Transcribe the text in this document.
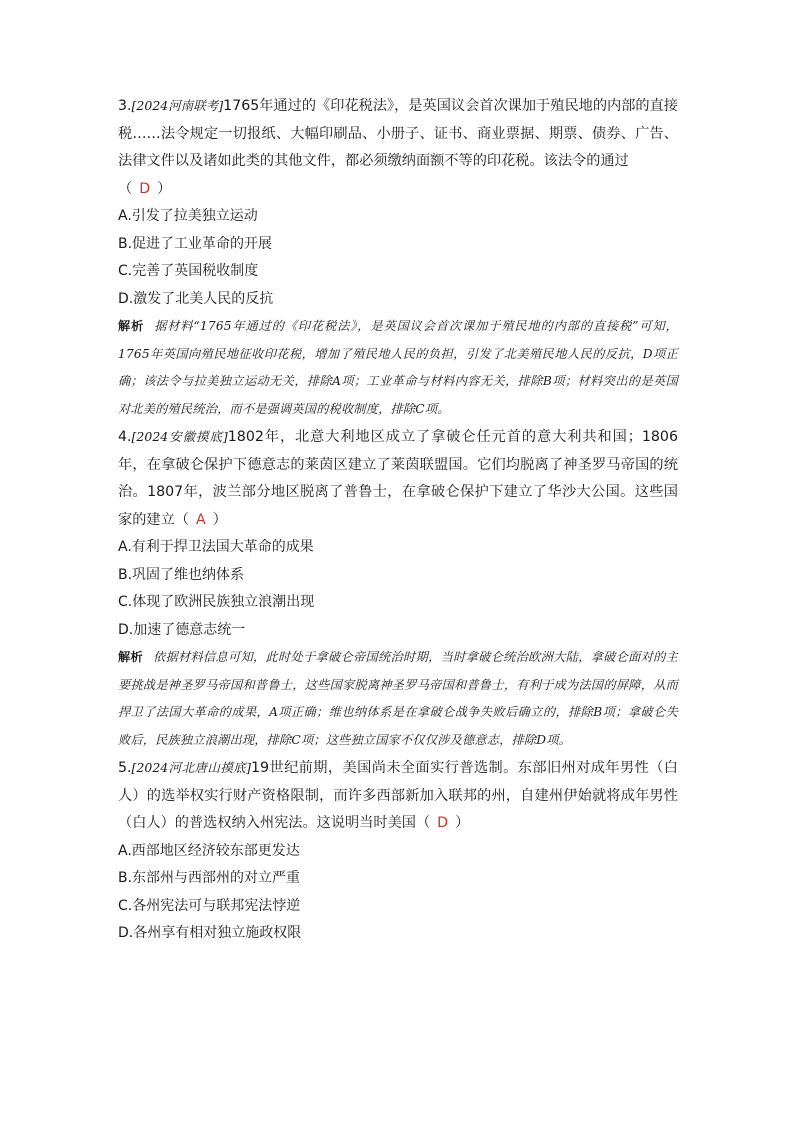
3.[2024河南联考]1765年通过的《印花税法》，是英国议会首次课加于殖民地的内部的直接税……法令规定一切报纸、大幅印刷品、小册子、证书、商业票据、期票、债券、广告、法律文件以及诸如此类的其他文件，都必须缴纳面额不等的印花税。该法令的通过
（ D ）

A.引发了拉美独立运动

B.促进了工业革命的开展

C.完善了英国税收制度

D.激发了北美人民的反抗

解析 据材料“1765年通过的《印花税法》，是英国议会首次课加于殖民地的内部的直接税”可知，1765年英国向殖民地征收印花税，增加了殖民地人民的负担，引发了北美殖民地人民的反抗，D项正确；该法令与拉美独立运动无关，排除A项；工业革命与材料内容无关，排除B项；材料突出的是英国对北美的殖民统治，而不是强调英国的税收制度，排除C项。

4.[2024安徽摸底]1802年，北意大利地区成立了拿破仑任元首的意大利共和国；1806年，在拿破仑保护下德意志的莱茵区建立了莱茵联盟国。它们均脱离了神圣罗马帝国的统治。1807年，波兰部分地区脱离了普鲁士，在拿破仑保护下建立了华沙大公国。这些国家的建立（ A ）

A.有利于捍卫法国大革命的成果

B.巩固了维也纳体系

C.体现了欧洲民族独立浪潮出现

D.加速了德意志统一

解析 依据材料信息可知，此时处于拿破仑帝国统治时期，当时拿破仑统治欧洲大陆，拿破仑面对的主要挑战是神圣罗马帝国和普鲁士，这些国家脱离神圣罗马帝国和普鲁士，有利于成为法国的屏障，从而捍卫了法国大革命的成果，A项正确；维也纳体系是在拿破仑战争失败后确立的，排除B项；拿破仑失败后，民族独立浪潮出现，排除C项；这些独立国家不仅仅涉及德意志，排除D项。

5.[2024河北唐山摸底]19世纪前期，美国尚未全面实行普选制。东部旧州对成年男性（白人）的选举权实行财产资格限制，而许多西部新加入联邦的州，自建州伊始就将成年男性（白人）的普选权纳入州宪法。这说明当时美国（ D ）

A.西部地区经济较东部更发达

B.东部州与西部州的对立严重

C.各州宪法可与联邦宪法悖逆

D.各州享有相对独立施政权限
